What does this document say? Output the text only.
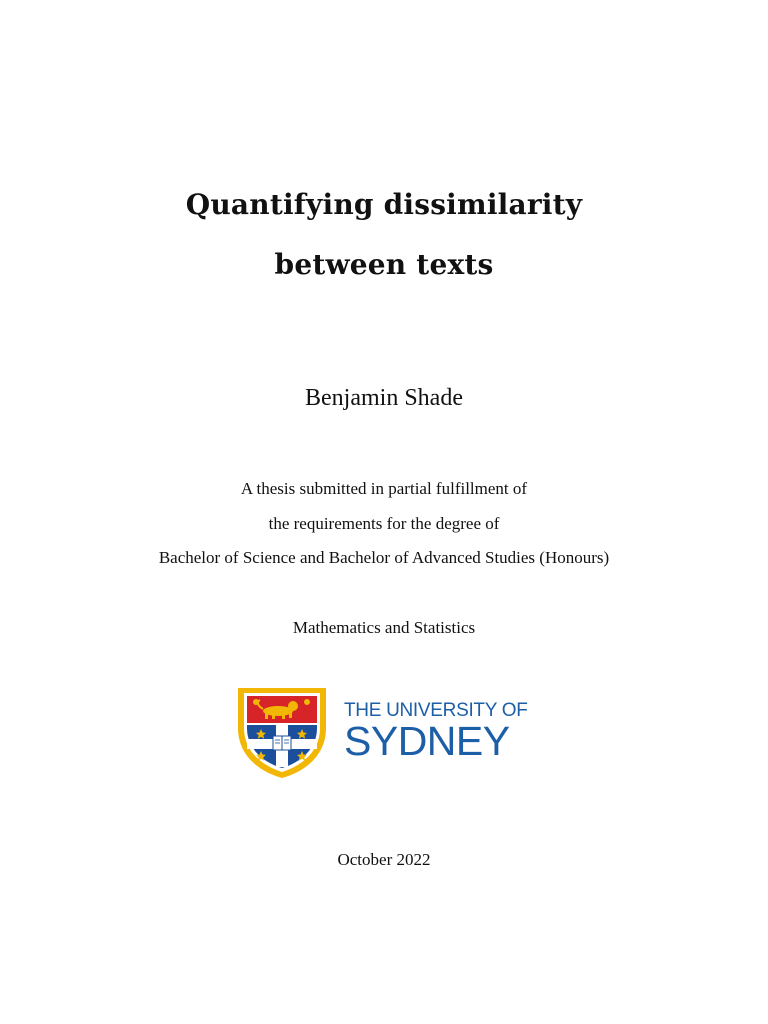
Quantifying dissimilarity
between texts
Benjamin Shade
A thesis submitted in partial fulfillment of
the requirements for the degree of
Bachelor of Science and Bachelor of Advanced Studies (Honours)
Mathematics and Statistics
THE UNIVERSITY OF
SYDNEY
October 2022
